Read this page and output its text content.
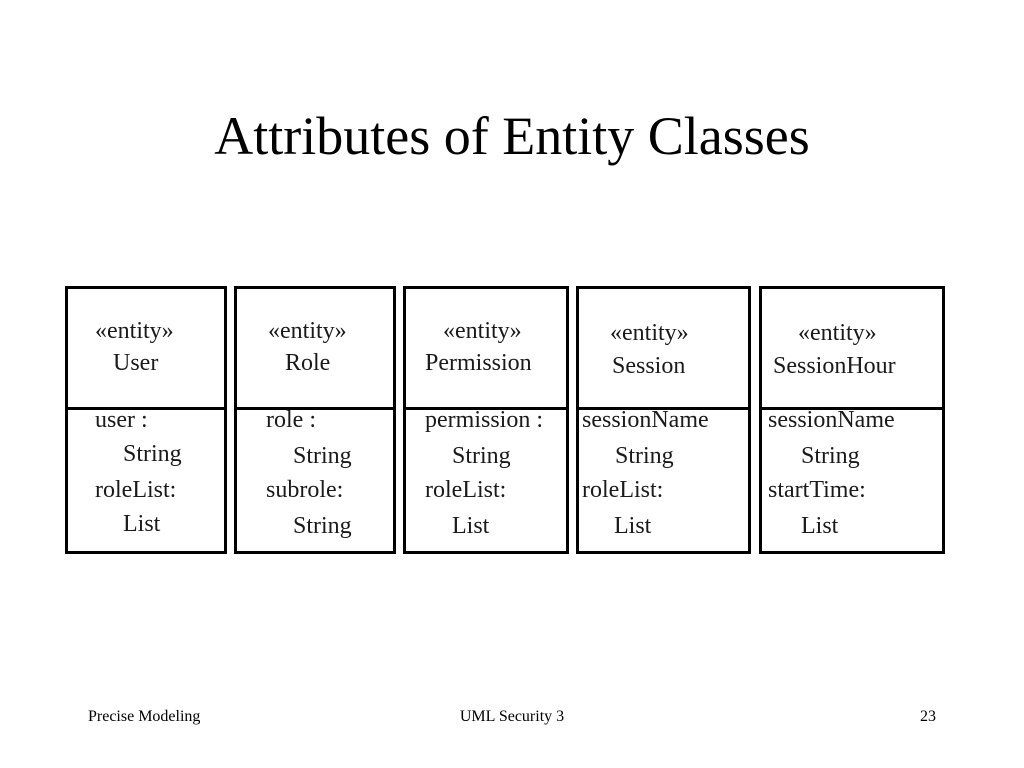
Attributes of Entity Classes
«entity»
User
user :
String
roleList:
List
«entity»
Role
role :
String
subrole:
String
«entity»
Permission
permission :
String
roleList:
List
«entity»
Session
sessionName
String
roleList:
List
«entity»
SessionHour
sessionName
String
startTime:
List
Precise Modeling	UML Security 3	23
